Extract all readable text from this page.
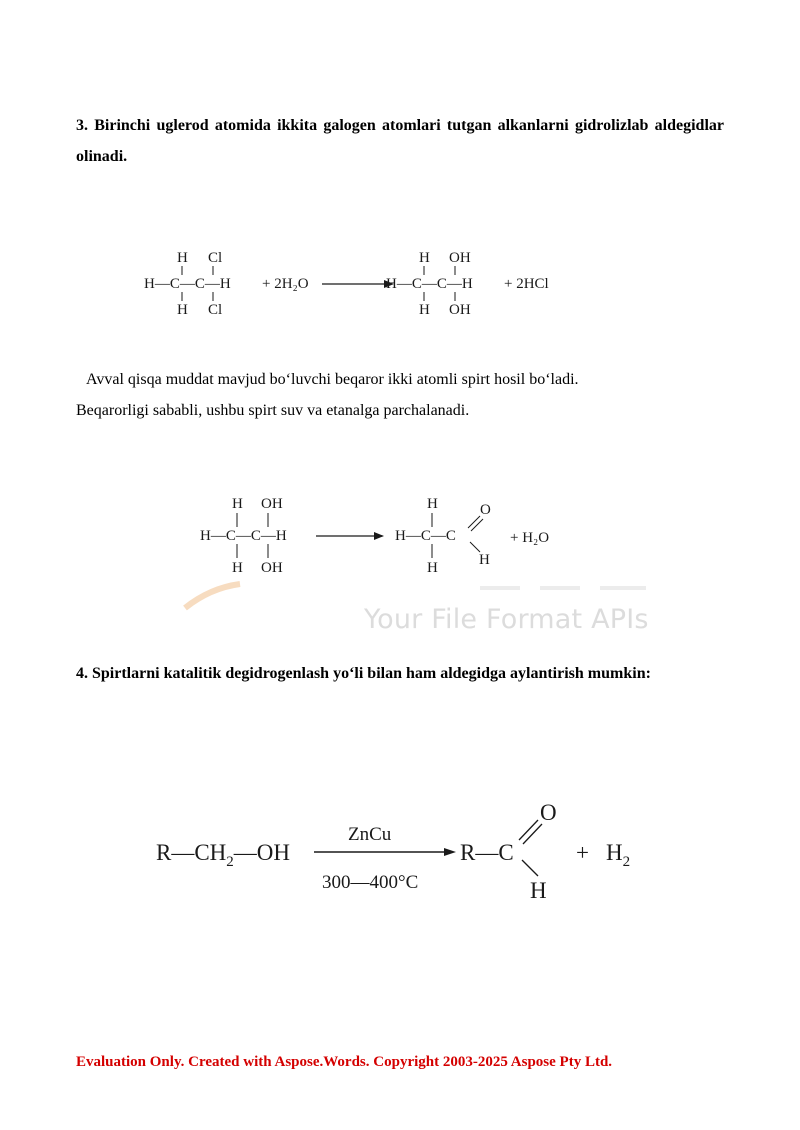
3. Birinchi uglerod atomida ikkita galogen atomlari tutgan alkanlarni gidrolizlab aldegidlar olinadi.

H Cl
H—C—C—H
H Cl
+ 2H₂O
H OH
H—C—C—H
H OH
+ 2HCl

Avval qisqa muddat mavjud bo‘luvchi beqaror ikki atomli spirt hosil bo‘ladi.
Beqarorligi sababli, ushbu spirt suv va etanalga parchalanadi.

Your File Format APIs
H OH
H—C—C—H
H OH
H
H—C—C
H
O
H
+ H₂O

4. Spirtlarni katalitik degidrogenlash yo‘li bilan ham aldegidga aylantirish mumkin:

$R—CH_2—OH$
ZnCu
300—400°C
R—C
O
H
+ $H_2$
Evaluation Only. Created with Aspose.Words. Copyright 2003-2025 Aspose Pty Ltd.
